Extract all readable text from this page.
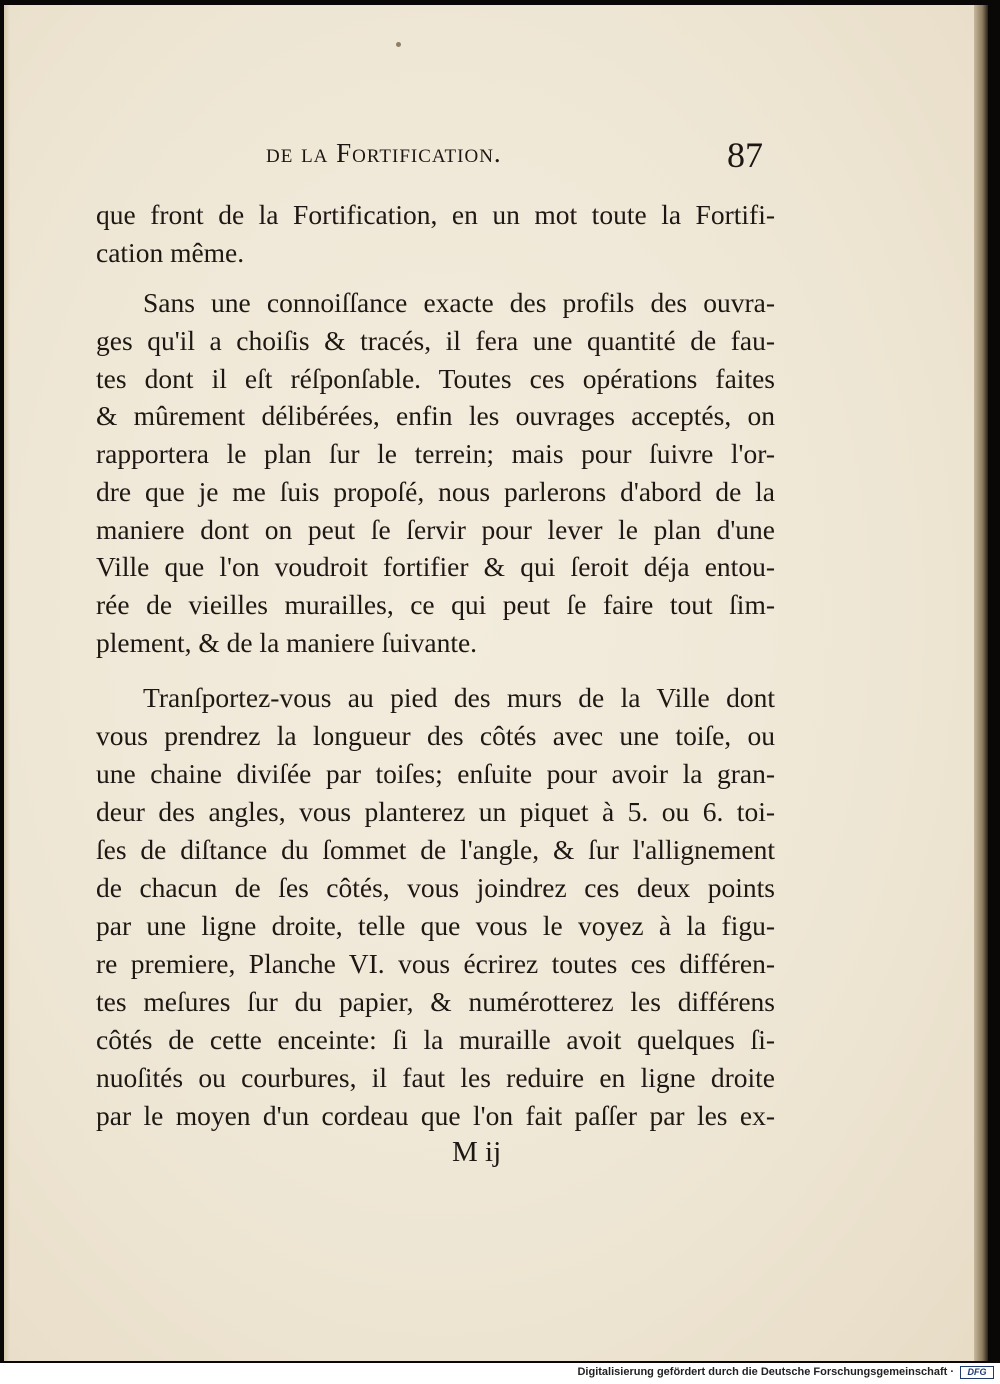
de la Fortification.	87
que front de la Fortification, en un mot toute la Fortifi-
cation même.
Sans une connoiſſance exacte des profils des ouvra-
ges qu'il a choiſis & tracés, il fera une quantité de fau-
tes dont il eſt réſponſable. Toutes ces opérations faites
& mûrement délibérées, enfin les ouvrages acceptés, on
rapportera le plan ſur le terrein; mais pour ſuivre l'or-
dre que je me ſuis propoſé, nous parlerons d'abord de la
maniere dont on peut ſe ſervir pour lever le plan d'une
Ville que l'on voudroit fortifier & qui ſeroit déja entou-
rée de vieilles murailles, ce qui peut ſe faire tout ſim-
plement, & de la maniere ſuivante.
Tranſportez-vous au pied des murs de la Ville dont
vous prendrez la longueur des côtés avec une toiſe, ou
une chaine diviſée par toiſes; enſuite pour avoir la gran-
deur des angles, vous planterez un piquet à 5. ou 6. toi-
ſes de diſtance du ſommet de l'angle, & ſur l'allignement
de chacun de ſes côtés, vous joindrez ces deux points
par une ligne droite, telle que vous le voyez à la figu-
re premiere, Planche VI. vous écrirez toutes ces différen-
tes meſures ſur du papier, & numérotterez les différens
côtés de cette enceinte: ſi la muraille avoit quelques ſi-
nuoſités ou courbures, il faut les reduire en ligne droite
par le moyen d'un cordeau que l'on fait paſſer par les ex-
M ij
Digitalisierung gefördert durch die Deutsche Forschungsgemeinschaft ·	DFG
